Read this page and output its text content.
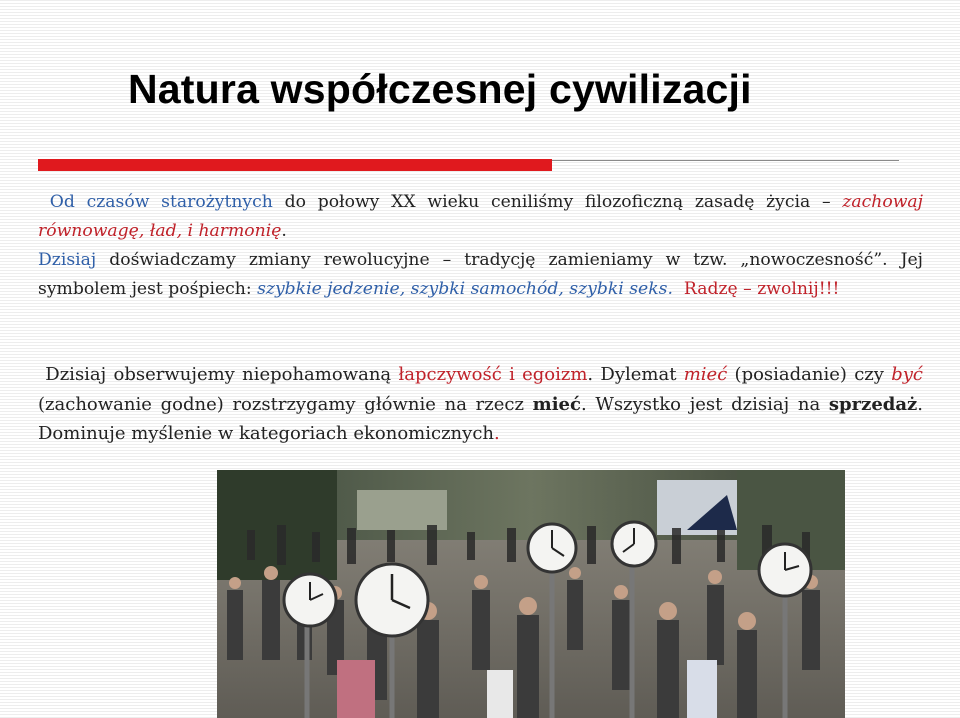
Natura współczesnej cywilizacji
Od czasów starożytnych do połowy XX wieku ceniliśmy filozoficzną zasadę życia – zachowaj równowagę, ład, i harmonię.
Dzisiaj doświadczamy zmiany rewolucyjne – tradycję zamieniamy w tzw. „nowoczesność”. Jej symbolem jest pośpiech: szybkie jedzenie, szybki samochód, szybki seks. Radzę – zwolnij!!!
Dzisiaj obserwujemy niepohamowaną łapczywość i egoizm. Dylemat mieć (posiadanie) czy być (zachowanie godne) rozstrzygamy głównie na rzecz mieć. Wszystko jest dzisiaj na sprzedaż. Dominuje myślenie w kategoriach ekonomicznych.
